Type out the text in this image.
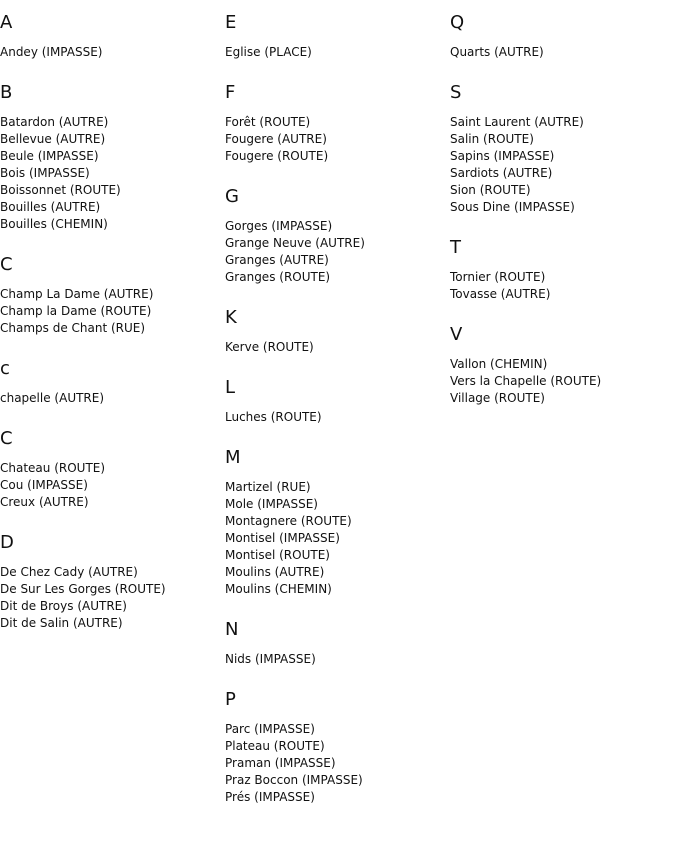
A
Andey (IMPASSE)
B
Batardon (AUTRE)
Bellevue (AUTRE)
Beule (IMPASSE)
Bois (IMPASSE)
Boissonnet (ROUTE)
Bouilles (AUTRE)
Bouilles (CHEMIN)
C
Champ La Dame (AUTRE)
Champ la Dame (ROUTE)
Champs de Chant (RUE)
c
chapelle (AUTRE)
C
Chateau (ROUTE)
Cou (IMPASSE)
Creux (AUTRE)
D
De Chez Cady (AUTRE)
De Sur Les Gorges (ROUTE)
Dit de Broys (AUTRE)
Dit de Salin (AUTRE)
E
Eglise (PLACE)
F
Forêt (ROUTE)
Fougere (AUTRE)
Fougere (ROUTE)
G
Gorges (IMPASSE)
Grange Neuve (AUTRE)
Granges (AUTRE)
Granges (ROUTE)
K
Kerve (ROUTE)
L
Luches (ROUTE)
M
Martizel (RUE)
Mole (IMPASSE)
Montagnere (ROUTE)
Montisel (IMPASSE)
Montisel (ROUTE)
Moulins (AUTRE)
Moulins (CHEMIN)
N
Nids (IMPASSE)
P
Parc (IMPASSE)
Plateau (ROUTE)
Praman (IMPASSE)
Praz Boccon (IMPASSE)
Prés (IMPASSE)
Q
Quarts (AUTRE)
S
Saint Laurent (AUTRE)
Salin (ROUTE)
Sapins (IMPASSE)
Sardiots (AUTRE)
Sion (ROUTE)
Sous Dine (IMPASSE)
T
Tornier (ROUTE)
Tovasse (AUTRE)
V
Vallon (CHEMIN)
Vers la Chapelle (ROUTE)
Village (ROUTE)
